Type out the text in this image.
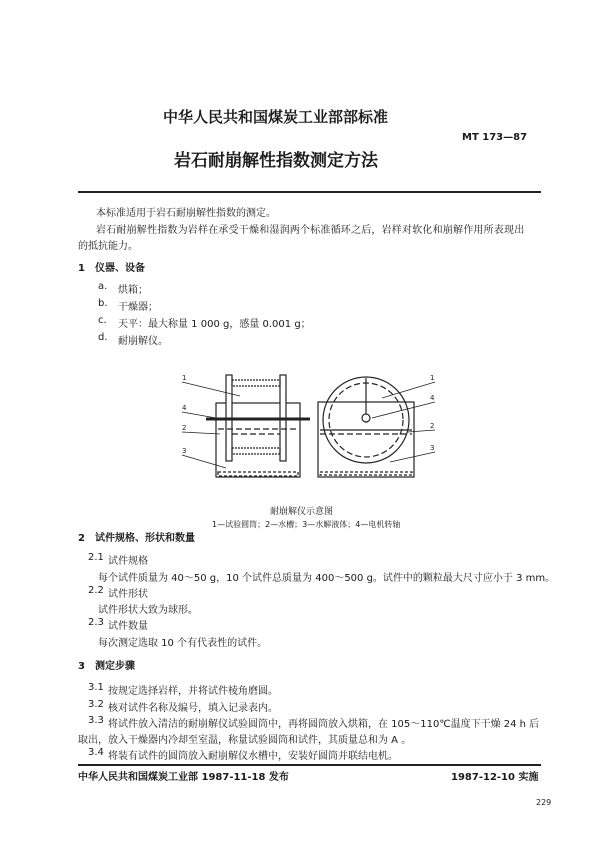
中华人民共和国煤炭工业部部标准
MT 173—87
岩石耐崩解性指数测定方法
本标准适用于岩石耐崩解性指数的测定。
岩石耐崩解性指数为岩样在承受干燥和湿润两个标准循环之后，岩样对软化和崩解作用所表现出
的抵抗能力。
1　仪器、设备
a. 烘箱；
b. 干燥器；
c. 天平：最大称量 1 000 g，感量 0.001 g；
d. 耐崩解仪。
1
4
2
3
1
4
2
3
耐崩解仪示意图
1—试验圆筒；2—水槽；3—水解液体；4—电机转轴
2　试件规格、形状和数量
2.1 试件规格
每个试件质量为 40～50 g，10 个试件总质量为 400～500 g。试件中的颗粒最大尺寸应小于 3 mm。
2.2 试件形状
试件形状大致为球形。
2.3 试件数量
每次测定选取 10 个有代表性的试件。
3　测定步骤
3.1 按规定选择岩样，并将试件棱角磨圆。
3.2 核对试件名称及编号，填入记录表内。
3.3 将试件放入清洁的耐崩解仪试验圆筒中，再将圆筒放入烘箱，在 105～110℃温度下干燥 24 h 后
取出，放入干燥器内冷却至室温，称量试验圆筒和试件，其质量总和为 A 。
3.4 将装有试件的圆筒放入耐崩解仪水槽中，安装好圆筒并联结电机。
中华人民共和国煤炭工业部 1987-11-18 发布	1987-12-10 实施
229
